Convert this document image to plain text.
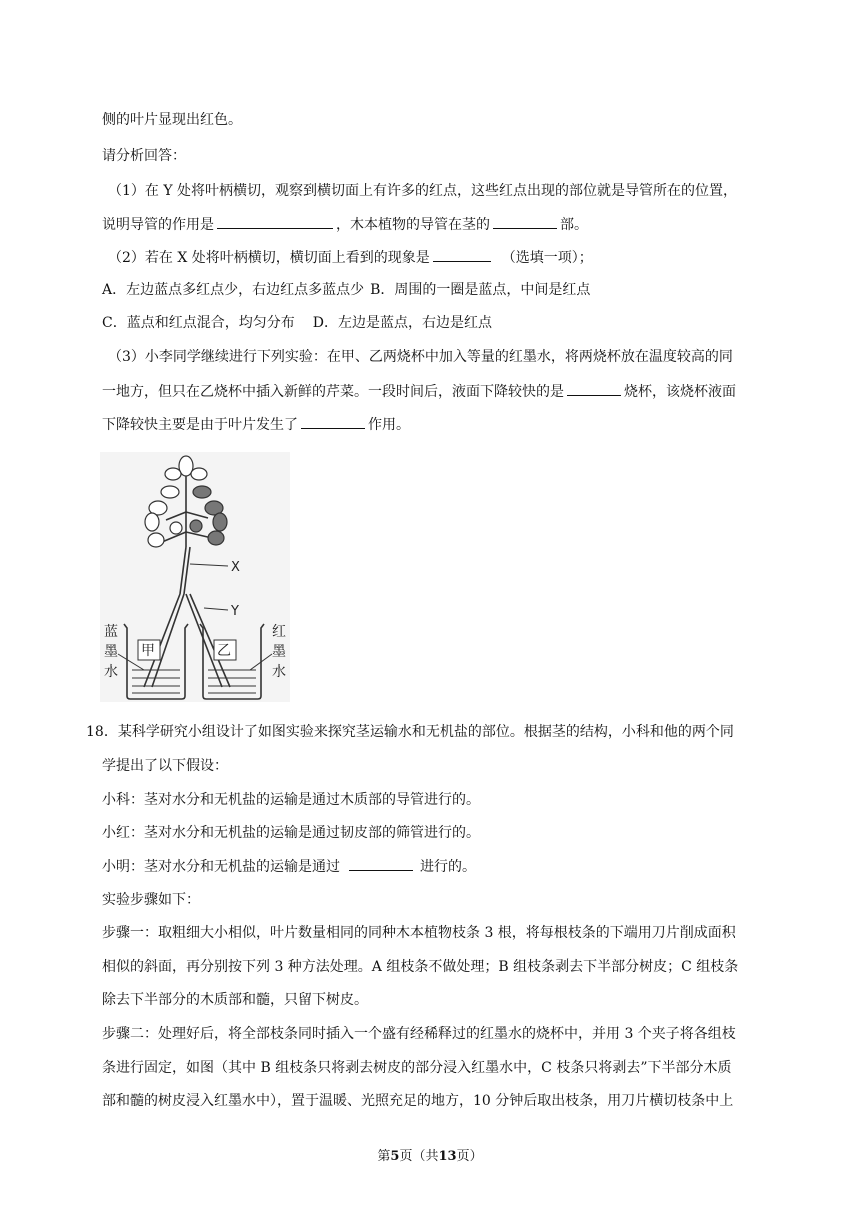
侧的叶片显现出红色。
请分析回答：
（1）在 Y 处将叶柄横切，观察到横切面上有许多的红点，这些红点出现的部位就是导管所在的位置，
说明导管的作用是	，木本植物的导管在茎的	部。
（2）若在 X 处将叶柄横切，横切面上看到的现象是	（选填一项）；
A．左边蓝点多红点少，右边红点多蓝点少 B．周围的一圈是蓝点，中间是红点
C．蓝点和红点混合，均匀分布 D．左边是蓝点，右边是红点
（3）小李同学继续进行下列实验：在甲、乙两烧杯中加入等量的红墨水，将两烧杯放在温度较高的同
一地方，但只在乙烧杯中插入新鲜的芹菜。一段时间后，液面下降较快的是	烧杯，该烧杯液面
下降较快主要是由于叶片发生了	作用。
X
Y
甲	乙
蓝
墨
水
红
墨
水
18．某科学研究小组设计了如图实验来探究茎运输水和无机盐的部位。根据茎的结构，小科和他的两个同
学提出了以下假设：
小科：茎对水分和无机盐的运输是通过木质部的导管进行的。
小红：茎对水分和无机盐的运输是通过韧皮部的筛管进行的。
小明：茎对水分和无机盐的运输是通过	进行的。
实验步骤如下：
步骤一：取粗细大小相似，叶片数量相同的同种木本植物枝条 3 根，将每根枝条的下端用刀片削成面积
相似的斜面，再分别按下列 3 种方法处理。A 组枝条不做处理；B 组枝条剥去下半部分树皮；C 组枝条
除去下半部分的木质部和髓，只留下树皮。
步骤二：处理好后，将全部枝条同时插入一个盛有经稀释过的红墨水的烧杯中，并用 3 个夹子将各组枝
条进行固定，如图（其中 B 组枝条只将剥去树皮的部分浸入红墨水中，C 枝条只将剥去”下半部分木质
部和髓的树皮浸入红墨水中），置于温暖、光照充足的地方，10 分钟后取出枝条，用刀片横切枝条中上
第5页（共13页）
